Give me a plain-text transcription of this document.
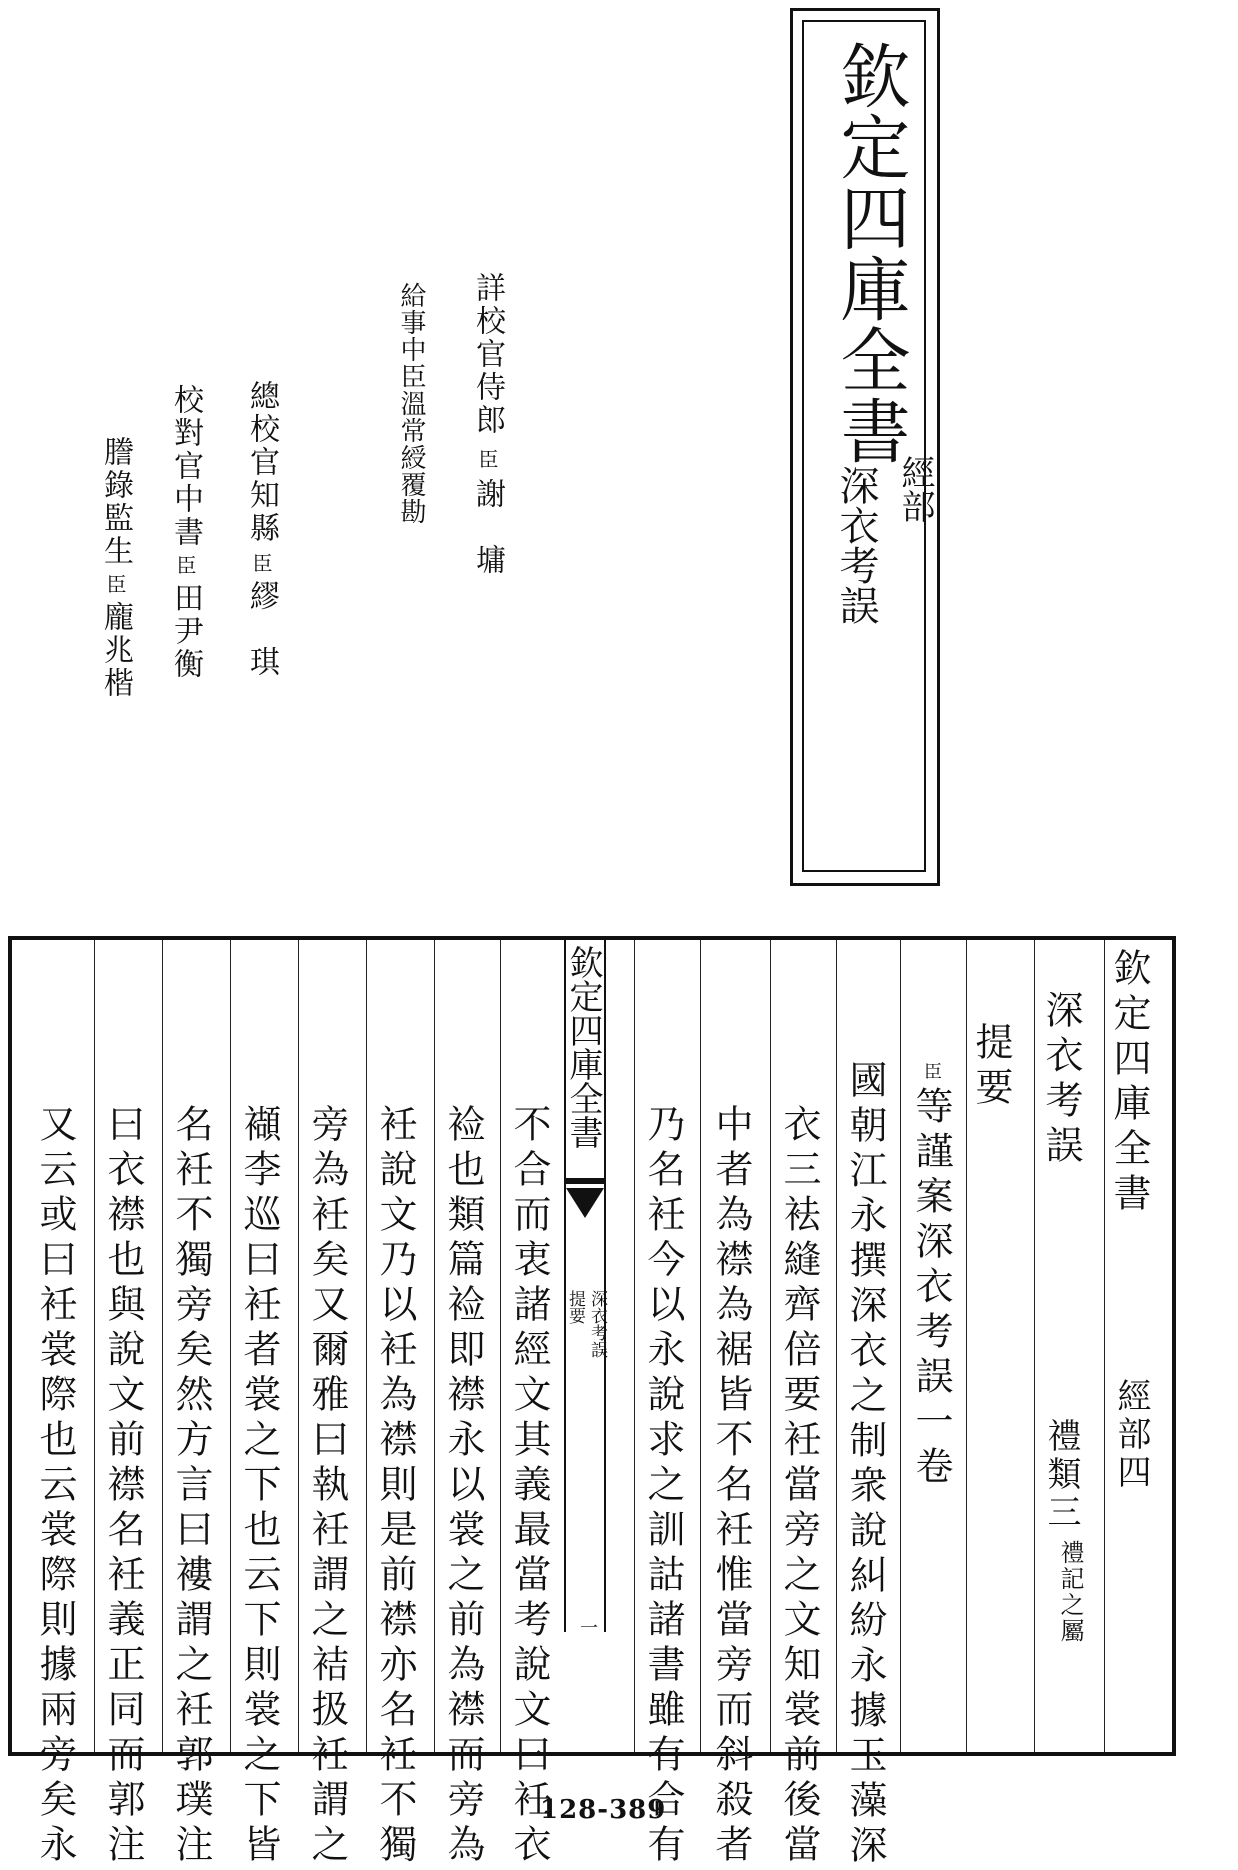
欽定四庫全書
經部
深衣考誤
詳校官侍郎臣謝　墉
給事中臣溫常綬覆勘
總校官知縣臣繆　琪
校對官中書臣田尹衡
謄錄監生臣龐兆楷
欽定四庫全書
經部四
深衣考誤
禮類三
禮記之屬
提要
臣等謹案深衣考誤一卷
國朝江永撰深衣之制衆說糾紛永據玉藻深
衣三袪縫齊倍要衽當旁之文知裳前後當
中者為襟為裾皆不名衽惟當旁而斜殺者
乃名衽今以永說求之訓詁諸書雖有合有
欽定四庫全書
深衣考誤
提要
一
不合而衷諸經文其義最當考說文曰衽衣
裣也類篇裣即襟永以裳之前為襟而旁為
衽說文乃以衽為襟則是前襟亦名衽不獨
旁為衽矣又爾雅曰執衽謂之袺扱衽謂之
襭李巡曰衽者裳之下也云下則裳之下皆
名衽不獨旁矣然方言曰褸謂之衽郭璞注
曰衣襟也與說文前襟名衽義正同而郭注
又云或曰衽裳際也云裳際則據兩旁矣永	128-389
